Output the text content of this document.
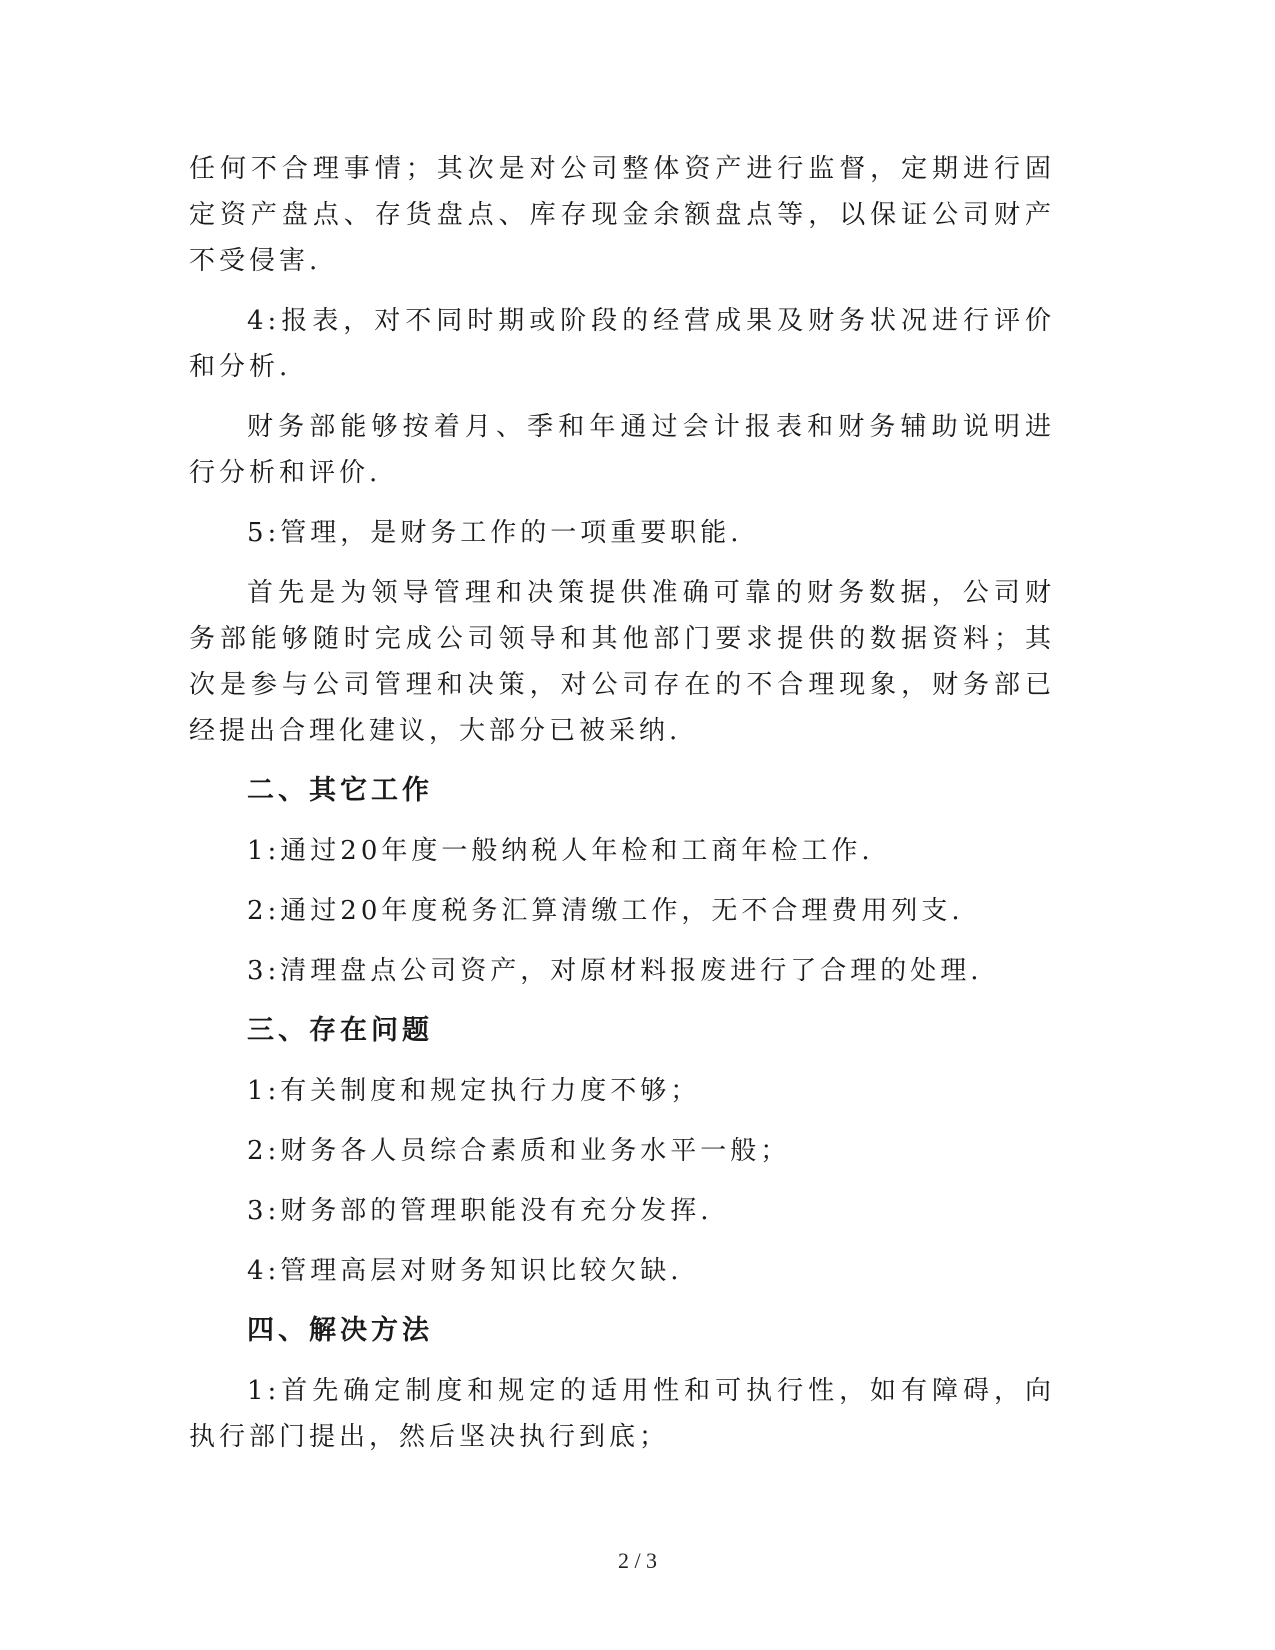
任何不合理事情；其次是对公司整体资产进行监督，定期进行固定资产盘点、存货盘点、库存现金余额盘点等，以保证公司财产不受侵害.

4:报表，对不同时期或阶段的经营成果及财务状况进行评价和分析.

财务部能够按着月、季和年通过会计报表和财务辅助说明进行分析和评价.

5:管理，是财务工作的一项重要职能.

首先是为领导管理和决策提供准确可靠的财务数据，公司财务部能够随时完成公司领导和其他部门要求提供的数据资料；其次是参与公司管理和决策，对公司存在的不合理现象，财务部已经提出合理化建议，大部分已被采纳.

二、其它工作

1:通过20年度一般纳税人年检和工商年检工作.

2:通过20年度税务汇算清缴工作，无不合理费用列支.

3:清理盘点公司资产，对原材料报废进行了合理的处理.

三、存在问题

1:有关制度和规定执行力度不够；

2:财务各人员综合素质和业务水平一般；

3:财务部的管理职能没有充分发挥.

4:管理高层对财务知识比较欠缺.

四、解决方法

1:首先确定制度和规定的适用性和可执行性，如有障碍，向执行部门提出，然后坚决执行到底；

2 / 3
